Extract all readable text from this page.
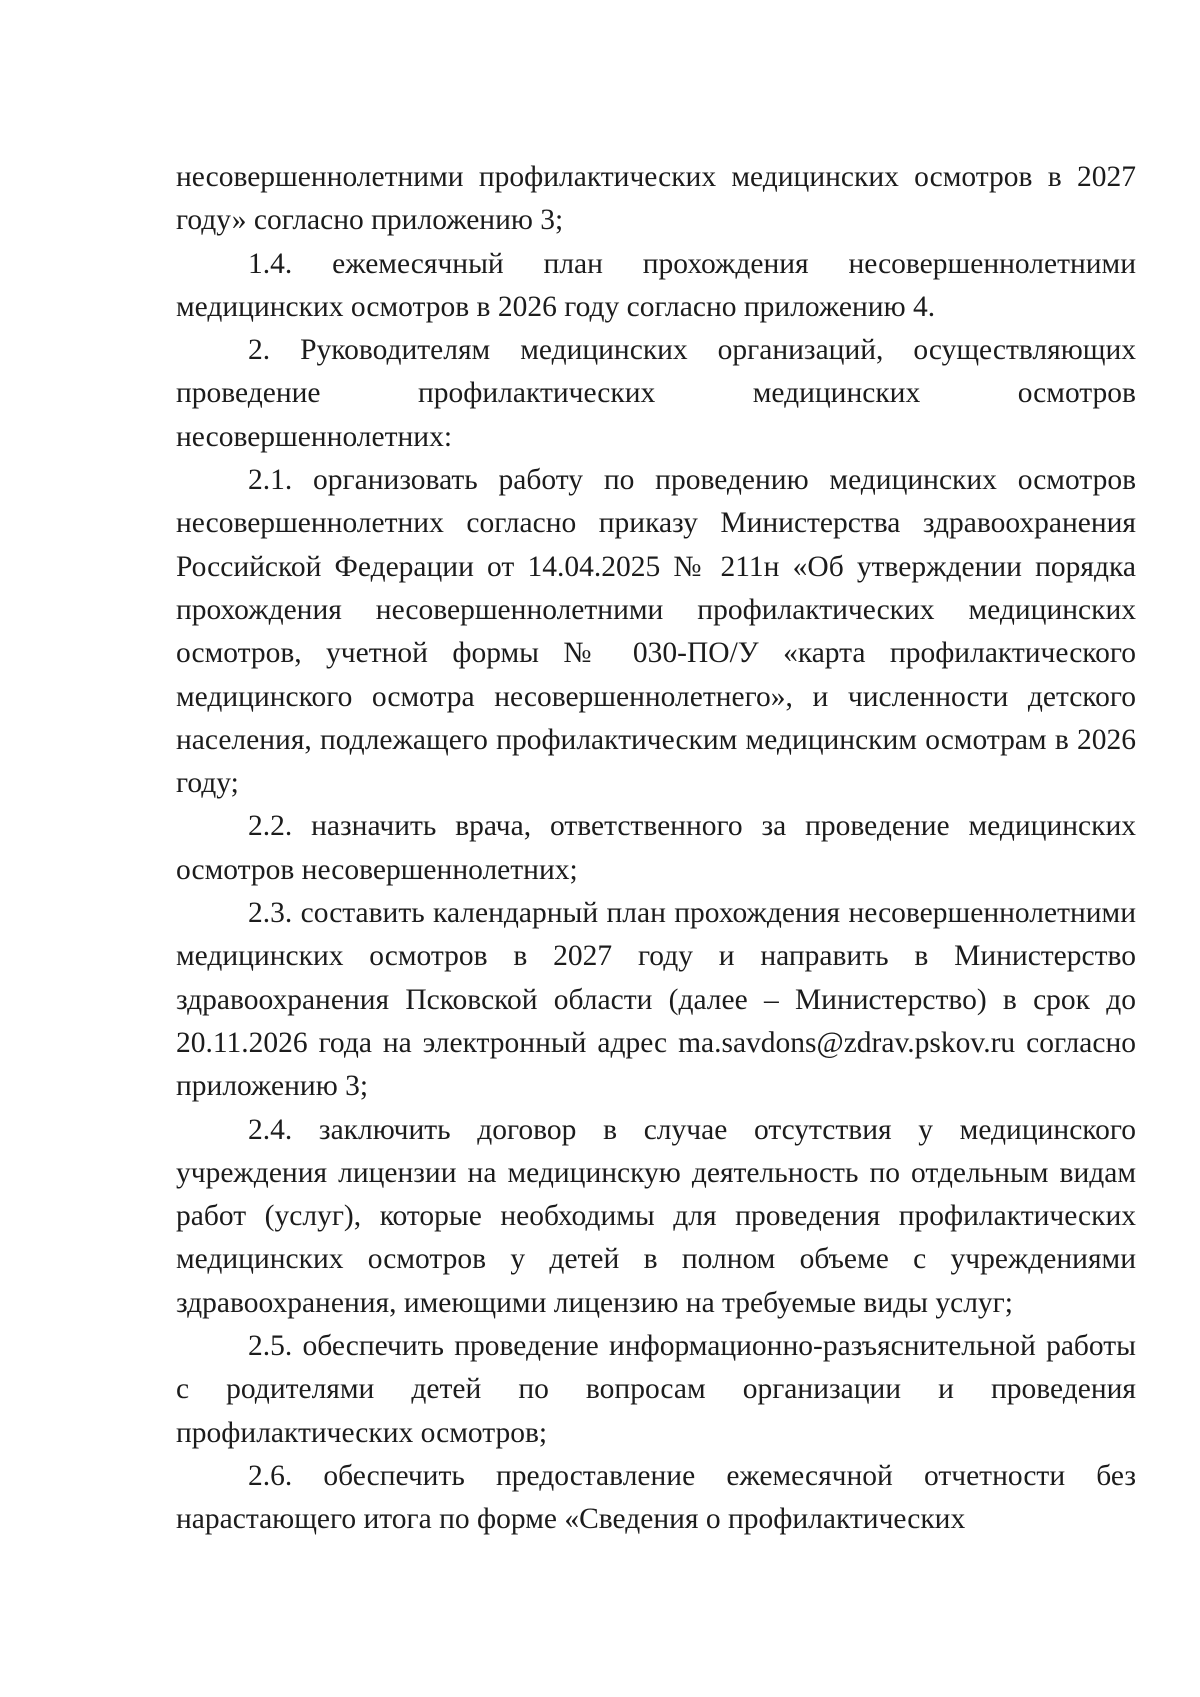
несовершеннолетними профилактических медицинских осмотров в 2027 году» согласно приложению 3;

1.4. ежемесячный план прохождения несовершеннолетними медицинских осмотров в 2026 году согласно приложению 4.

2. Руководителям медицинских организаций, осуществляющих проведение профилактических медицинских осмотров несовершеннолетних:

2.1. организовать работу по проведению медицинских осмотров несовершеннолетних согласно приказу Министерства здравоохранения Российской Федерации от 14.04.2025 № 211н «Об утверждении порядка прохождения несовершеннолетними профилактических медицинских осмотров, учетной формы № 030-ПО/У «карта профилактического медицинского осмотра несовершеннолетнего», и численности детского населения, подлежащего профилактическим медицинским осмотрам в 2026 году;

2.2. назначить врача, ответственного за проведение медицинских осмотров несовершеннолетних;

2.3. составить календарный план прохождения несовершеннолетними медицинских осмотров в 2027 году и направить в Министерство здравоохранения Псковской области (далее – Министерство) в срок до 20.11.2026 года на электронный адрес ma.savdons@zdrav.pskov.ru согласно приложению 3;

2.4. заключить договор в случае отсутствия у медицинского учреждения лицензии на медицинскую деятельность по отдельным видам работ (услуг), которые необходимы для проведения профилактических медицинских осмотров у детей в полном объеме с учреждениями здравоохранения, имеющими лицензию на требуемые виды услуг;

2.5. обеспечить проведение информационно-разъяснительной работы с родителями детей по вопросам организации и проведения профилактических осмотров;

2.6. обеспечить предоставление ежемесячной отчетности без нарастающего итога по форме «Сведения о профилактических
